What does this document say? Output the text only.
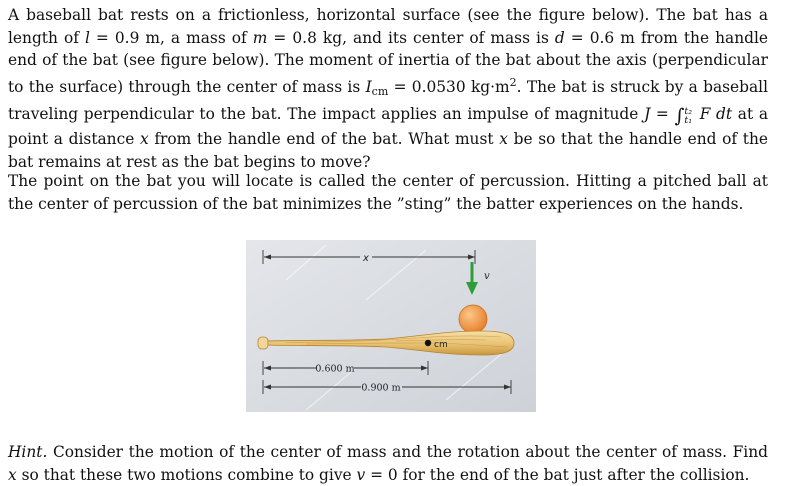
A baseball bat rests on a frictionless, horizontal surface (see the figure below). The bat has a length of l = 0.9 m, a mass of m = 0.8 kg, and its center of mass is d = 0.6 m from the handle end of the bat (see figure below). The moment of inertia of the bat about the axis (perpendicular to the surface) through the center of mass is $I_{cm} = 0.0530$ $kg\cdot m^2$. The bat is struck by a baseball traveling perpendicular to the bat. The impact applies an impulse of magnitude J = ∫ t₂
t₁ F dt at a point a distance x from the handle end of the bat. What must x be so that the handle end of the bat remains at rest as the bat begins to move?
The point on the bat you will locate is called the center of percussion. Hitting a pitched ball at the center of percussion of the bat minimizes the ”sting” the batter experiences on the hands.
x
v
cm
0.600 m
0.900 m
Hint. Consider the motion of the center of mass and the rotation about the center of mass. Find x so that these two motions combine to give v = 0 for the end of the bat just after the collision.
